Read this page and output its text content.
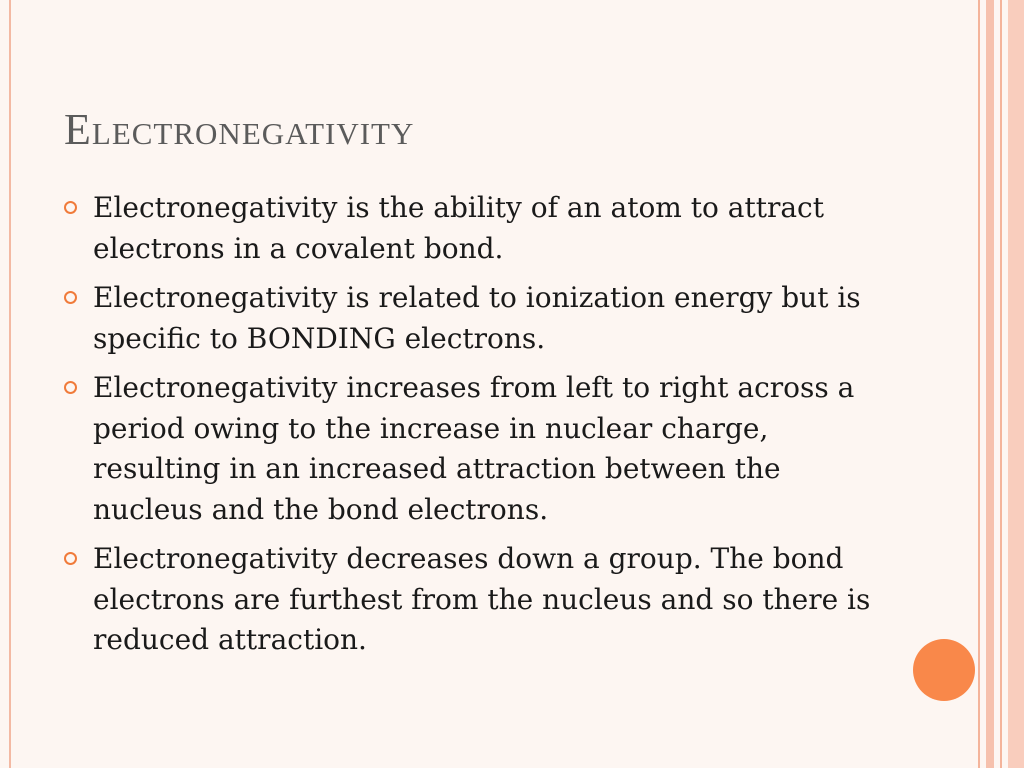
Electronegativity
Electronegativity is the ability of an atom to attract electrons in a covalent bond.
Electronegativity is related to ionization energy but is specific to BONDING electrons.
Electronegativity increases from left to right across a period owing to the increase in nuclear charge, resulting in an increased attraction between the nucleus and the bond electrons.
Electronegativity decreases down a group. The bond electrons are furthest from the nucleus and so there is reduced attraction.
